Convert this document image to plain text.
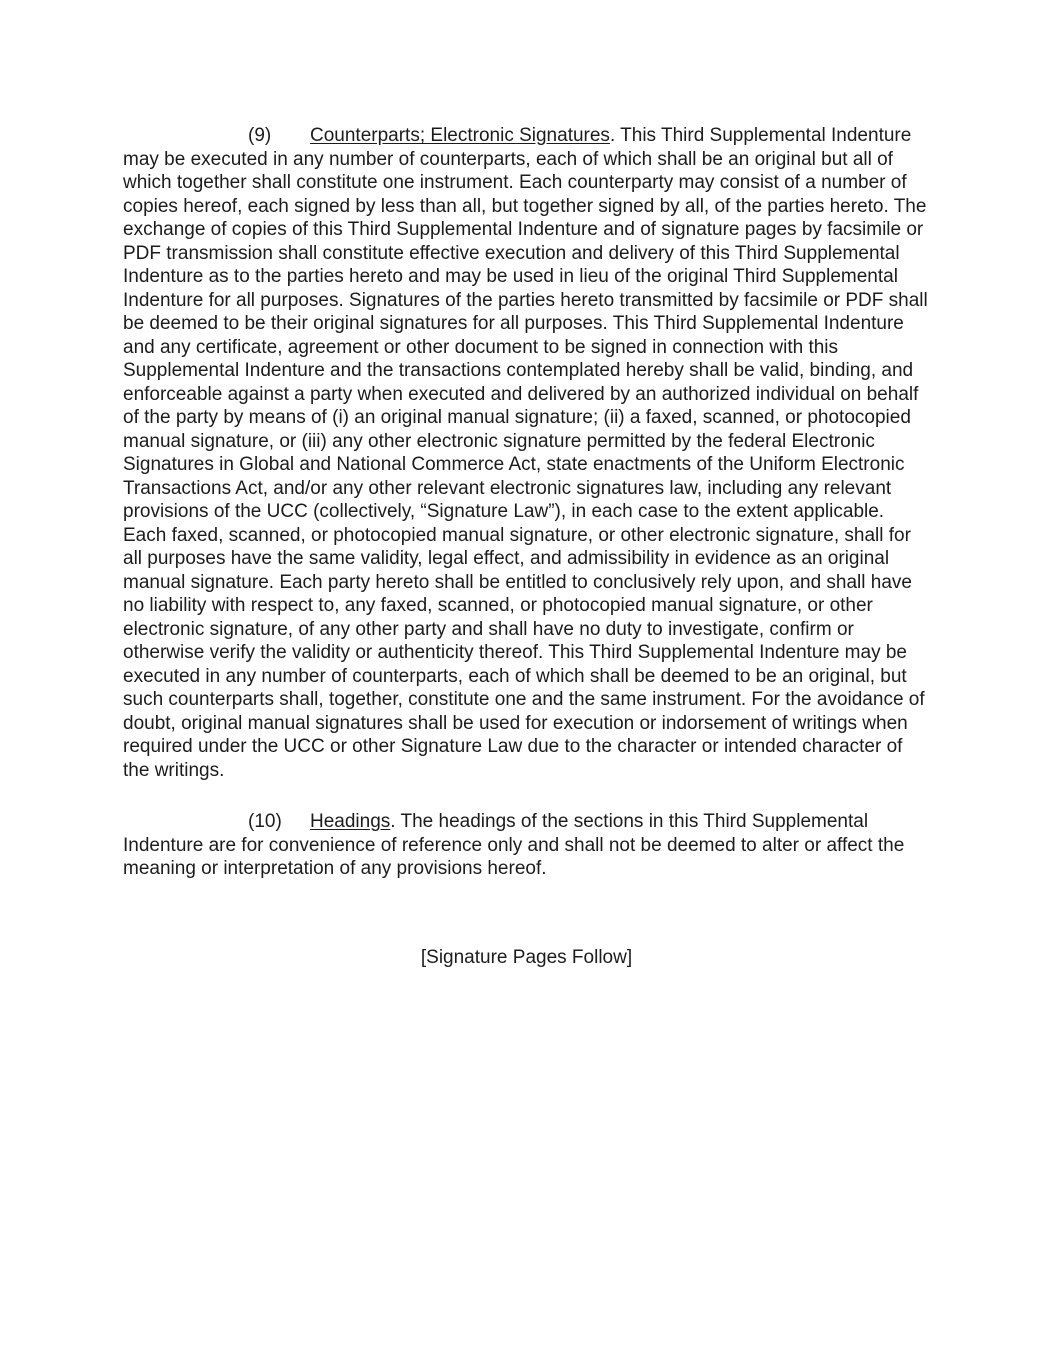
(9) Counterparts; Electronic Signatures. This Third Supplemental Indenture may be executed in any number of counterparts, each of which shall be an original but all of which together shall constitute one instrument. Each counterparty may consist of a number of copies hereof, each signed by less than all, but together signed by all, of the parties hereto. The exchange of copies of this Third Supplemental Indenture and of signature pages by facsimile or PDF transmission shall constitute effective execution and delivery of this Third Supplemental Indenture as to the parties hereto and may be used in lieu of the original Third Supplemental Indenture for all purposes. Signatures of the parties hereto transmitted by facsimile or PDF shall be deemed to be their original signatures for all purposes. This Third Supplemental Indenture and any certificate, agreement or other document to be signed in connection with this Supplemental Indenture and the transactions contemplated hereby shall be valid, binding, and enforceable against a party when executed and delivered by an authorized individual on behalf of the party by means of (i) an original manual signature; (ii) a faxed, scanned, or photocopied manual signature, or (iii) any other electronic signature permitted by the federal Electronic Signatures in Global and National Commerce Act, state enactments of the Uniform Electronic Transactions Act, and/or any other relevant electronic signatures law, including any relevant provisions of the UCC (collectively, “Signature Law”), in each case to the extent applicable. Each faxed, scanned, or photocopied manual signature, or other electronic signature, shall for all purposes have the same validity, legal effect, and admissibility in evidence as an original manual signature. Each party hereto shall be entitled to conclusively rely upon, and shall have no liability with respect to, any faxed, scanned, or photocopied manual signature, or other electronic signature, of any other party and shall have no duty to investigate, confirm or otherwise verify the validity or authenticity thereof. This Third Supplemental Indenture may be executed in any number of counterparts, each of which shall be deemed to be an original, but such counterparts shall, together, constitute one and the same instrument. For the avoidance of doubt, original manual signatures shall be used for execution or indorsement of writings when required under the UCC or other Signature Law due to the character or intended character of the writings.

(10) Headings. The headings of the sections in this Third Supplemental Indenture are for convenience of reference only and shall not be deemed to alter or affect the meaning or interpretation of any provisions hereof.

[Signature Pages Follow]
